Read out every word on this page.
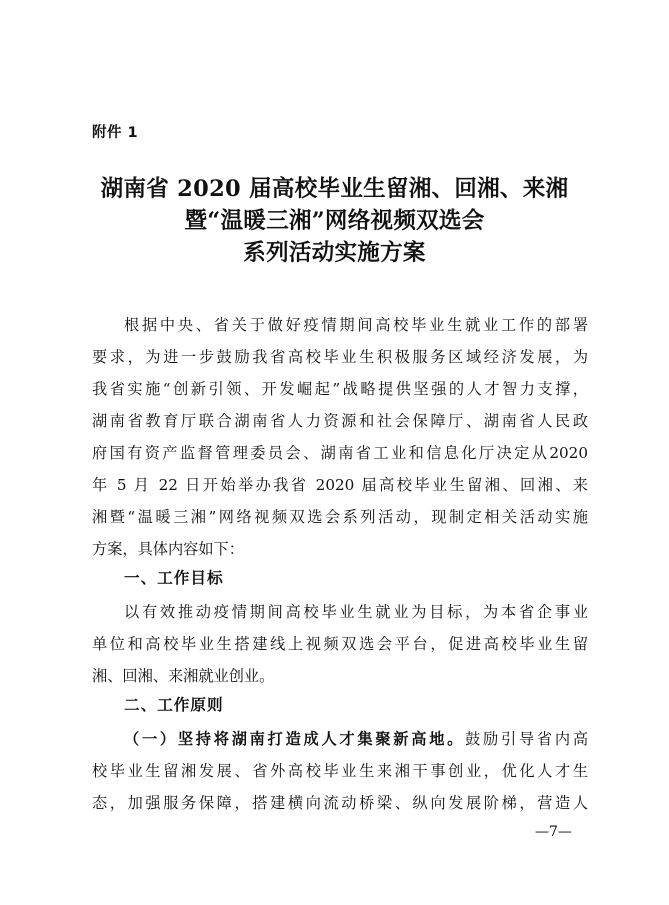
附件 1
湖南省 2020 届高校毕业生留湘、回湘、来湘
暨“温暖三湘”网络视频双选会
系列活动实施方案
根据中央、省关于做好疫情期间高校毕业生就业工作的部署
要求，为进一步鼓励我省高校毕业生积极服务区域经济发展，为
我省实施“创新引领、开发崛起”战略提供坚强的人才智力支撑，
湖南省教育厅联合湖南省人力资源和社会保障厅、湖南省人民政
府国有资产监督管理委员会、湖南省工业和信息化厅决定从2020
年 5 月 22 日开始举办我省 2020 届高校毕业生留湘、回湘、来
湘暨“温暖三湘”网络视频双选会系列活动，现制定相关活动实施
方案，具体内容如下：
一、工作目标
以有效推动疫情期间高校毕业生就业为目标，为本省企事业
单位和高校毕业生搭建线上视频双选会平台，促进高校毕业生留
湘、回湘、来湘就业创业。
二、工作原则
（一）坚持将湖南打造成人才集聚新高地。鼓励引导省内高
校毕业生留湘发展、省外高校毕业生来湘干事创业，优化人才生
态，加强服务保障，搭建横向流动桥梁、纵向发展阶梯，营造人
—7—
